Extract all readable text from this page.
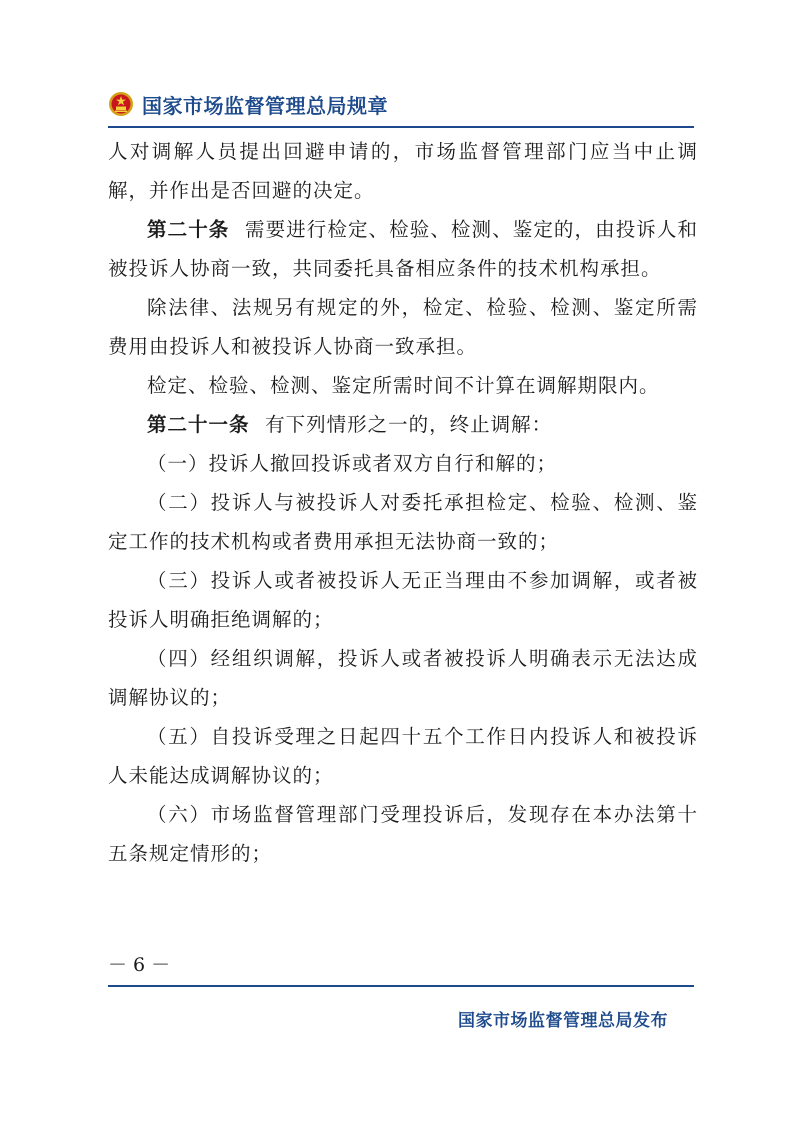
国家市场监督管理总局规章

人对调解人员提出回避申请的，市场监督管理部门应当中止调解，并作出是否回避的决定。

第二十条 需要进行检定、检验、检测、鉴定的，由投诉人和被投诉人协商一致，共同委托具备相应条件的技术机构承担。

除法律、法规另有规定的外，检定、检验、检测、鉴定所需费用由投诉人和被投诉人协商一致承担。

检定、检验、检测、鉴定所需时间不计算在调解期限内。

第二十一条 有下列情形之一的，终止调解：

（一）投诉人撤回投诉或者双方自行和解的；

（二）投诉人与被投诉人对委托承担检定、检验、检测、鉴定工作的技术机构或者费用承担无法协商一致的；

（三）投诉人或者被投诉人无正当理由不参加调解，或者被投诉人明确拒绝调解的；

（四）经组织调解，投诉人或者被投诉人明确表示无法达成调解协议的；

（五）自投诉受理之日起四十五个工作日内投诉人和被投诉人未能达成调解协议的；

（六）市场监督管理部门受理投诉后，发现存在本办法第十五条规定情形的；

－ 6 －
国家市场监督管理总局发布
